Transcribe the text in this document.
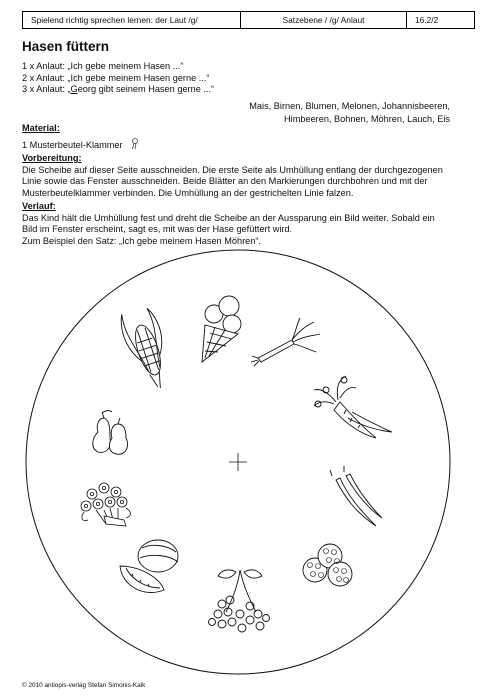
Spielend richtig sprechen lernen: der Laut /g/	Satzebene / /g/ Anlaut	16.2/2
Hasen füttern
1 x Anlaut: „Ich gebe meinem Hasen ...“
2 x Anlaut: „Ich gebe meinem Hasen gerne ...“
3 x Anlaut: „Georg gibt seinem Hasen gerne ...“
Mais, Birnen, Blumen, Melonen, Johannisbeeren,
Himbeeren, Bohnen, Möhren, Lauch, Eis
Material:
1 Musterbeutel-Klammer
Vorbereitung:
Die Scheibe auf dieser Seite ausschneiden. Die erste Seite als Umhüllung entlang der durchgezogenen
Linie sowie das Fenster ausschneiden. Beide Blätter an den Markierungen durchbohren und mit der
Musterbeutelklammer verbinden. Die Umhüllung an der gestrichelten Linie falzen.
Verlauf:
Das Kind hält die Umhüllung fest und dreht die Scheibe an der Aussparung ein Bild weiter. Sobald ein
Bild im Fenster erscheint, sagt es, mit was der Hase gefüttert wird.
Zum Beispiel den Satz: „Ich gebe meinem Hasen Möhren“.
© 2010 antiopis-verlag Stefan Simonis-Kalk
